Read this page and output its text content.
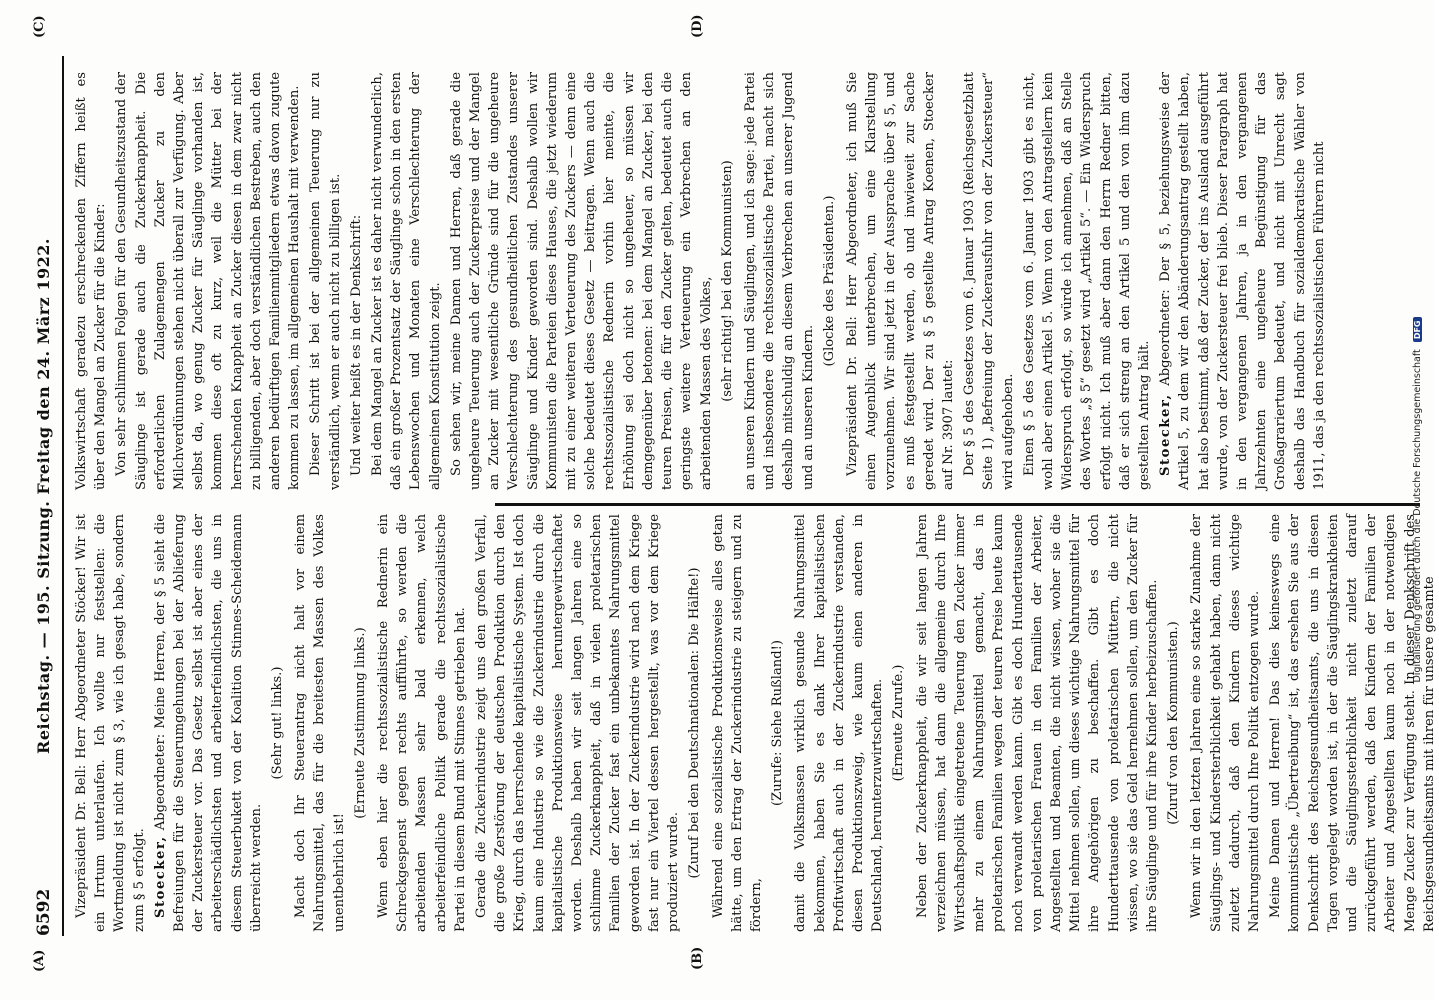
6592
Reichstag. — 195. Sitzung. Freitag den 24. März 1922.
(A)	(B)
(C)	(D)

Vizepräsident Dr. Bell: Herr Abgeordneter Stöcker! Wir ist ein Irrtum unterlaufen. Ich wollte nur feststellen: die Wortmeldung ist nicht zum § 3, wie ich gesagt habe, sondern zum § 5 erfolgt. Stoecker, Abgeordneter: Meine Herren, der § 5 sieht die Befreiungen für die Steuerumgehungen bei der Ablieferung der Zuckersteuer vor. Das Gesetz selbst ist aber eines der arbeiterschädlichsten und arbeiterfeindlichsten, die uns in diesem Steuerbukett von der Koalition Stinnes-Scheidemann überreicht werden.

(Sehr gut! links.) Macht doch Ihr Steuerantrag nicht halt vor einem Nahrungsmittel, das für die breitesten Massen des Volkes unentbehrlich ist!

(Erneute Zustimmung links.) Wenn eben hier die rechtssozialistische Rednerin ein Schreckgespenst gegen rechts aufführte, so werden die arbeitenden Massen sehr bald erkennen, welch arbeiterfeindliche Politik gerade die rechtssozialistische Partei in diesem Bund mit Stinnes getrieben hat. Gerade die Zuckerindustrie zeigt uns den großen Verfall, die große Zerstörung der deutschen Produktion durch den Krieg, durch das herrschende kapitalistische System. Ist doch kaum eine Industrie so wie die Zuckerindustrie durch die kapitalistische Produktionsweise heruntergewirtschaftet worden. Deshalb haben wir seit langen Jahren eine so schlimme Zuckerknappheit, daß in vielen proletarischen Familien der Zucker fast ein unbekanntes Nahrungsmittel geworden ist. In der Zuckerindustrie wird nach dem Kriege fast nur ein Viertel dessen hergestellt, was vor dem Kriege produziert wurde. (Zuruf bei den Deutschnationalen: Die Hälfte!) Während eine sozialistische Produktionsweise alles getan hätte, um den Ertrag der Zuckerindustrie zu steigern und zu fördern,

(Zurufe: Siehe Rußland!) damit die Volksmassen wirklich gesunde Nahrungsmittel bekommen, haben Sie es dank Ihrer kapitalistischen Profitwirtschaft auch in der Zuckerindustrie verstanden, diesen Produktionszweig, wie kaum einen anderen in Deutschland, herunterzuwirtschaften. (Erneute Zurufe.) Neben der Zuckerknappheit, die wir seit langen Jahren verzeichnen müssen, hat dann die allgemeine durch Ihre Wirtschaftspolitik eingetretene Teuerung den Zucker immer mehr zu einem Nahrungsmittel gemacht, das in proletarischen Familien wegen der teuren Preise heute kaum noch verwandt werden kann. Gibt es doch Hunderttausende von proletarischen Frauen in den Familien der Arbeiter, Angestellten und Beamten, die nicht wissen, woher sie die Mittel nehmen sollen, um dieses wichtige Nahrungsmittel für ihre Angehörigen zu beschaffen. Gibt es doch Hunderttausende von proletarischen Müttern, die nicht wissen, wo sie das Geld hernehmen sollen, um den Zucker für ihre Säuglinge und für ihre Kinder herbeizuschaffen. (Zuruf von den Kommunisten.) Wenn wir in den letzten Jahren eine so starke Zunahme der Säuglings- und Kindersterblichkeit gehabt haben, dann nicht zuletzt dadurch, daß den Kindern dieses wichtige Nahrungsmittel durch Ihre Politik entzogen wurde. Meine Damen und Herren! Das dies keineswegs eine kommunistische „Übertreibung“ ist, das ersehen Sie aus der Denkschrift des Reichsgesundheitsamts, die uns in diesen Tagen vorgelegt worden ist, in der die Säuglingskrankheiten und die Säuglingssterblichkeit nicht zuletzt darauf zurückgeführt werden, daß den Kindern der Familien der Arbeiter und Angestellten kaum noch in der notwendigen Menge Zucker zur Verfügung steht. In dieser Denkschrift des Reichsgesundheitsamts mit ihren für unsere gesamte

Volkswirtschaft geradezu erschreckenden Ziffern heißt es über den Mangel an Zucker für die Kinder: Von sehr schlimmen Folgen für den Gesundheitszustand der Säuglinge ist gerade auch die Zuckerknappheit. Die erforderlichen Zulagemengen Zucker zu den Milchverdünnungen stehen nicht überall zur Verfügung. Aber selbst da, wo genug Zucker für Säuglinge vorhanden ist, kommen diese oft zu kurz, weil die Mütter bei der herrschenden Knappheit an Zucker diesen in dem zwar nicht zu billigenden, aber doch verständlichen Bestreben, auch den anderen bedürftigen Familienmitgliedern etwas davon zugute kommen zu lassen, im allgemeinen Haushalt mit verwenden. Dieser Schritt ist bei der allgemeinen Teuerung nur zu verständlich, wenn er auch nicht zu billigen ist. Und weiter heißt es in der Denkschrift: Bei dem Mangel an Zucker ist es daher nicht verwunderlich, daß ein großer Prozentsatz der Säuglinge schon in den ersten Lebenswochen und Monaten eine Verschlechterung der allgemeinen Konstitution zeigt. So sehen wir, meine Damen und Herren, daß gerade die ungeheure Teuerung auch der Zuckerpreise und der Mangel an Zucker mit wesentliche Gründe sind für die ungeheure Verschlechterung des gesundheitlichen Zustandes unserer Säuglinge und Kinder geworden sind. Deshalb wollen wir Kommunisten die Parteien dieses Hauses, die jetzt wiederum mit zu einer weiteren Verteuerung des Zuckers — denn eine solche bedeutet dieses Gesetz — beitragen. Wenn auch die rechtssozialistische Rednerin vorhin hier meinte, die Erhöhung sei doch nicht so ungeheuer, so müssen wir demgegenüber betonen: bei dem Mangel an Zucker, bei den teuren Preisen, die für den Zucker gelten, bedeutet auch die geringste weitere Verteuerung ein Verbrechen an den arbeitenden Massen des Volkes, (sehr richtig! bei den Kommunisten) an unseren Kindern und Säuglingen, und ich sage: jede Partei und insbesondere die rechtssozialistische Partei, macht sich deshalb mitschuldig an diesem Verbrechen an unserer Jugend und an unseren Kindern.

(Glocke des Präsidenten.) Vizepräsident Dr. Bell: Herr Abgeordneter, ich muß Sie einen Augenblick unterbrechen, um eine Klarstellung vorzunehmen. Wir sind jetzt in der Aussprache über § 5, und es muß festgestellt werden, ob und inwieweit zur Sache geredet wird. Der zu § 5 gestellte Antrag Koenen, Stoecker auf Nr. 3907 lautet: Der § 5 des Gesetzes vom 6. Januar 1903 (Reichsgesetzblatt Seite 1) „Befreiung der Zuckerausfuhr von der Zuckersteuer“ wird aufgehoben. Einen § 5 des Gesetzes vom 6. Januar 1903 gibt es nicht, wohl aber einen Artikel 5. Wenn von den Antragstellern kein Widerspruch erfolgt, so würde ich annehmen, daß an Stelle des Wortes „§ 5“ gesetzt wird „Artikel 5“. — Ein Widerspruch erfolgt nicht. Ich muß aber dann den Herrn Redner bitten, daß er sich streng an den Artikel 5 und den von ihm dazu gestellten Antrag hält. Stoecker, Abgeordneter: Der § 5, beziehungsweise der Artikel 5, zu dem wir den Abänderungsantrag gestellt haben, hat also bestimmt, daß der Zucker, der ins Ausland ausgeführt wurde, von der Zuckersteuer frei blieb. Dieser Paragraph hat in den vergangenen Jahren, ja in den vergangenen Jahrzehnten eine ungeheure Begünstigung für das Großagrariertum bedeutet, und nicht mit Unrecht sagt deshalb das Handbuch für sozialdemokratische Wähler von 1911, das ja den rechtssozialistischen Führern nicht

Digitalisierung gefördert durch die Deutsche Forschungsgemeinschaft DFG
